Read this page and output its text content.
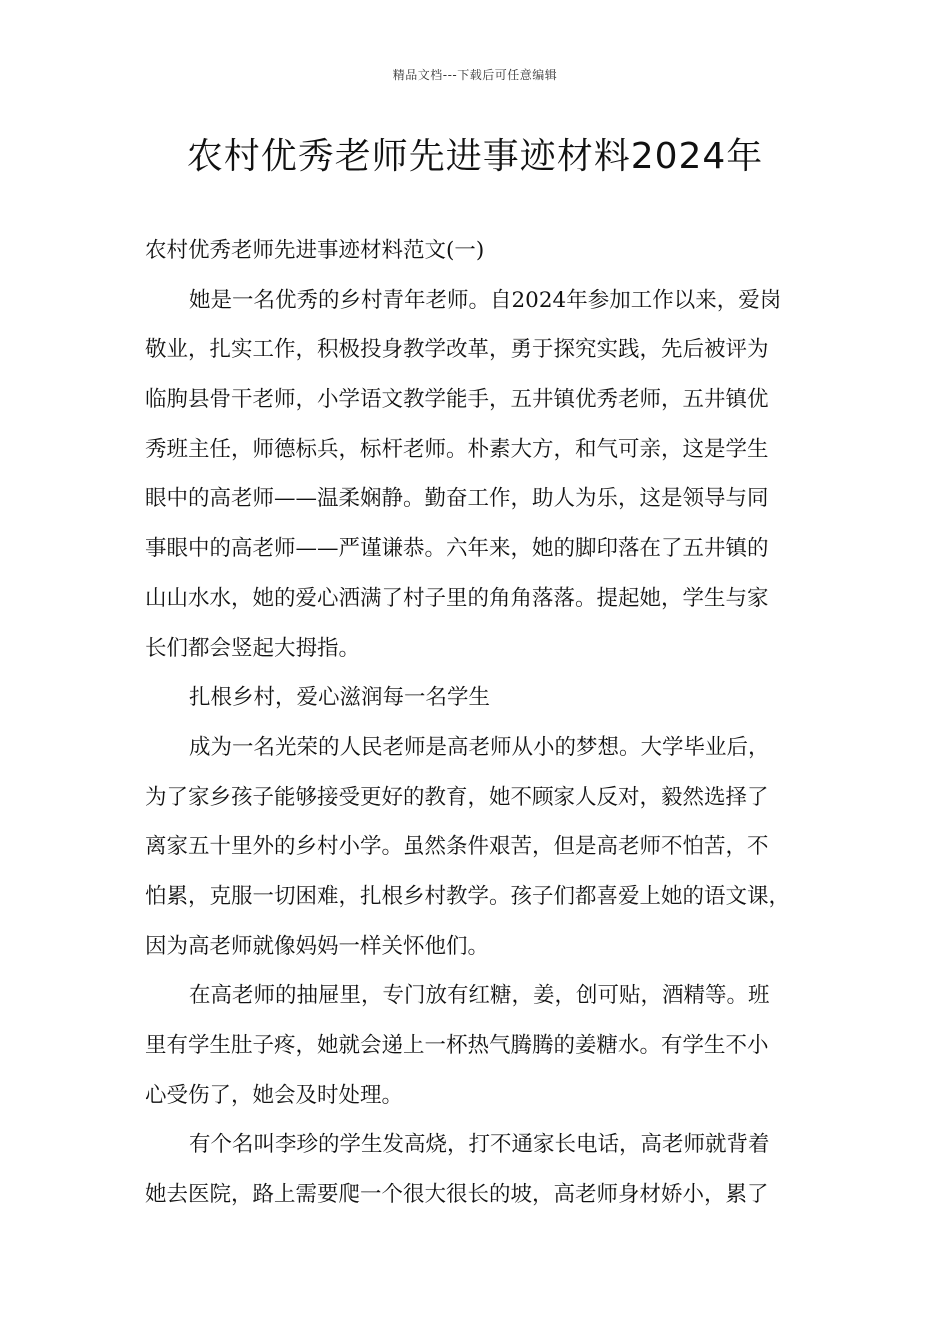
精品文档---下载后可任意编辑
农村优秀老师先进事迹材料2024年
农村优秀老师先进事迹材料范文(一)
她是一名优秀的乡村青年老师。自2024年参加工作以来，爱岗
敬业，扎实工作，积极投身教学改革，勇于探究实践，先后被评为
临朐县骨干老师，小学语文教学能手，五井镇优秀老师，五井镇优
秀班主任，师德标兵，标杆老师。朴素大方，和气可亲，这是学生
眼中的高老师——温柔娴静。勤奋工作，助人为乐，这是领导与同
事眼中的高老师——严谨谦恭。六年来，她的脚印落在了五井镇的
山山水水，她的爱心洒满了村子里的角角落落。提起她，学生与家
长们都会竖起大拇指。
扎根乡村，爱心滋润每一名学生
成为一名光荣的人民老师是高老师从小的梦想。大学毕业后，
为了家乡孩子能够接受更好的教育，她不顾家人反对，毅然选择了
离家五十里外的乡村小学。虽然条件艰苦，但是高老师不怕苦，不
怕累，克服一切困难，扎根乡村教学。孩子们都喜爱上她的语文课，
因为高老师就像妈妈一样关怀他们。
在高老师的抽屉里，专门放有红糖，姜，创可贴，酒精等。班
里有学生肚子疼，她就会递上一杯热气腾腾的姜糖水。有学生不小
心受伤了，她会及时处理。
有个名叫李珍的学生发高烧，打不通家长电话，高老师就背着
她去医院，路上需要爬一个很大很长的坡，高老师身材娇小，累了
